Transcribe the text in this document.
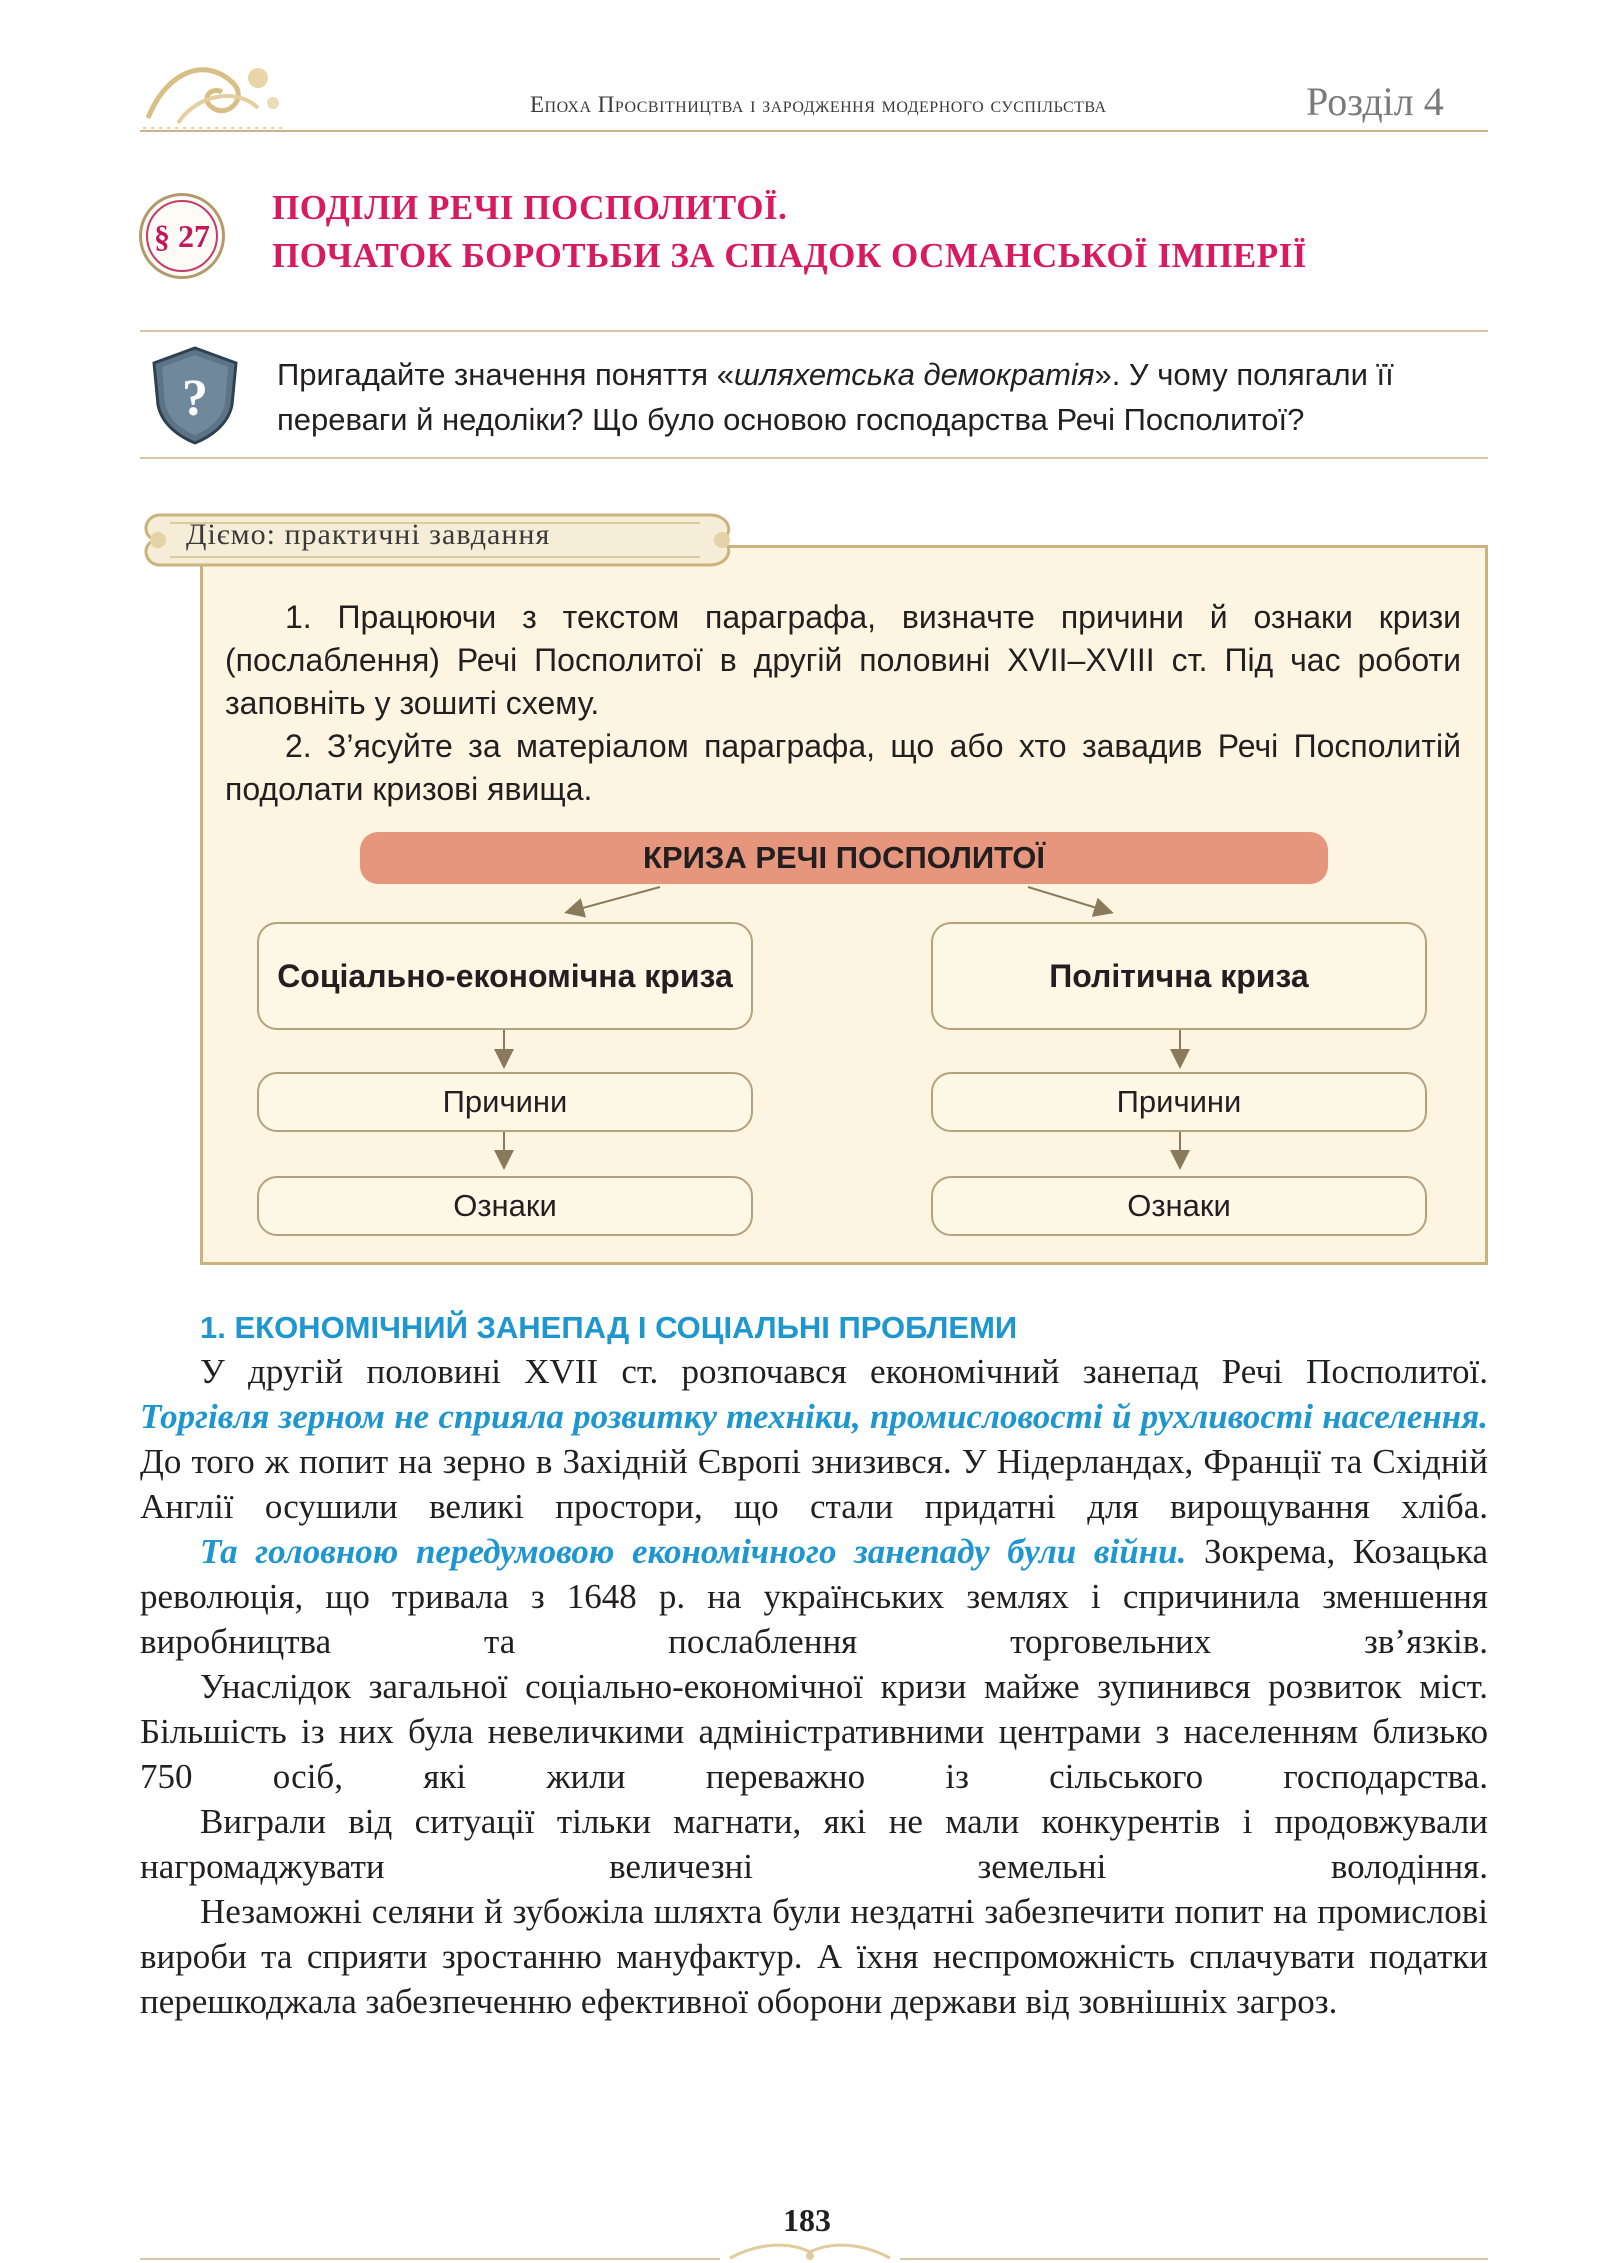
Епоха Просвітництва і зародження модерного суспільства	Розділ 4
§ 27
ПОДІЛИ РЕЧІ ПОСПОЛИТОЇ.
ПОЧАТОК БОРОТЬБИ ЗА СПАДОК ОСМАНСЬКОЇ ІМПЕРІЇ
? Пригадайте значення поняття «шляхетська демократія». У чому полягали її переваги й недоліки? Що було основою господарства Речі Посполитої?
Діємо: практичні завдання
1. Працюючи з текстом параграфа, визначте причини й ознаки кризи (послаблення) Речі Посполитої в другій половині XVII–XVIII ст. Під час роботи заповніть у зошиті схему.
2. З’ясуйте за матеріалом параграфа, що або хто завадив Речі Посполитій подолати кризові явища.
КРИЗА РЕЧІ ПОСПОЛИТОЇ
Соціально-економічна криза
Причини
Ознаки
Політична криза
Причини
Ознаки
1. ЕКОНОМІЧНИЙ ЗАНЕПАД І СОЦІАЛЬНІ ПРОБЛЕМИ

У другій половині XVII ст. розпочався економічний занепад Речі Посполитої. Торгівля зерном не сприяла розвитку техніки, промисловості й рухливості населення. До того ж попит на зерно в Західній Європі знизився. У Нідерландах, Франції та Східній Англії осушили великі простори, що стали придатні для вирощування хліба.

Та головною передумовою економічного занепаду були війни. Зокрема, Козацька революція, що тривала з 1648 р. на українських землях і спричинила зменшення виробництва та послаблення торговельних зв’язків.

Унаслідок загальної соціально-економічної кризи майже зупинився розвиток міст. Більшість із них була невеличкими адміністративними центрами з населенням близько 750 осіб, які жили переважно із сільського господарства.

Виграли від ситуації тільки магнати, які не мали конкурентів і продовжували нагромаджувати величезні земельні володіння.

Незаможні селяни й зубожіла шляхта були нездатні забезпечити попит на промислові вироби та сприяти зростанню мануфактур. А їхня неспроможність сплачувати податки перешкоджала забезпеченню ефективної оборони держави від зовнішніх загроз.

183
